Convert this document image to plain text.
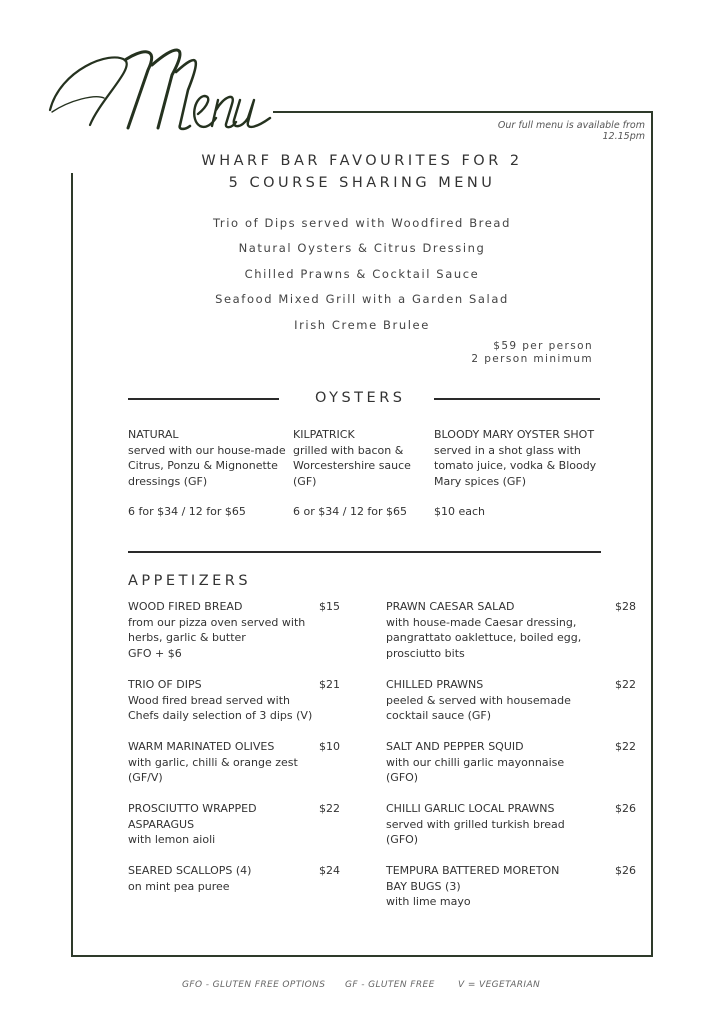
Our full menu is available from 12.15pm
WHARF BAR FAVOURITES FOR 2
5 COURSE SHARING MENU
Trio of Dips served with Woodfired Bread
Natural Oysters & Citrus Dressing
Chilled Prawns & Cocktail Sauce
Seafood Mixed Grill with a Garden Salad
Irish Creme Brulee
$59 per person
2 person minimum
OYSTERS
NATURAL
served with our house-made
Citrus, Ponzu & Mignonette
dressings (GF)
6 for $34 / 12 for $65
KILPATRICK
grilled with bacon &
Worcestershire sauce
(GF)
6 or $34 / 12 for $65
BLOODY MARY OYSTER SHOT
served in a shot glass with
tomato juice, vodka & Bloody
Mary spices (GF)
$10 each
APPETIZERS
WOOD FIRED BREAD
from our pizza oven served with
herbs, garlic & butter
GFO + $6
$15
TRIO OF DIPS
Wood fired bread served with
Chefs daily selection of 3 dips (V)
$21
WARM MARINATED OLIVES
with garlic, chilli & orange zest
(GF/V)
$10
PROSCIUTTO WRAPPED
ASPARAGUS
with lemon aioli
$22
SEARED SCALLOPS (4)
on mint pea puree
$24
PRAWN CAESAR SALAD
with house-made Caesar dressing,
pangrattato oaklettuce, boiled egg,
prosciutto bits
$28
CHILLED PRAWNS
peeled & served with housemade
cocktail sauce (GF)
$22
SALT AND PEPPER SQUID
with our chilli garlic mayonnaise
(GFO)
$22
CHILLI GARLIC LOCAL PRAWNS
served with grilled turkish bread
(GFO)
$26
TEMPURA BATTERED MORETON
BAY BUGS (3)
with lime mayo
$26
GFO - GLUTEN FREE OPTIONS GF - GLUTEN FREE	V = VEGETARIAN
